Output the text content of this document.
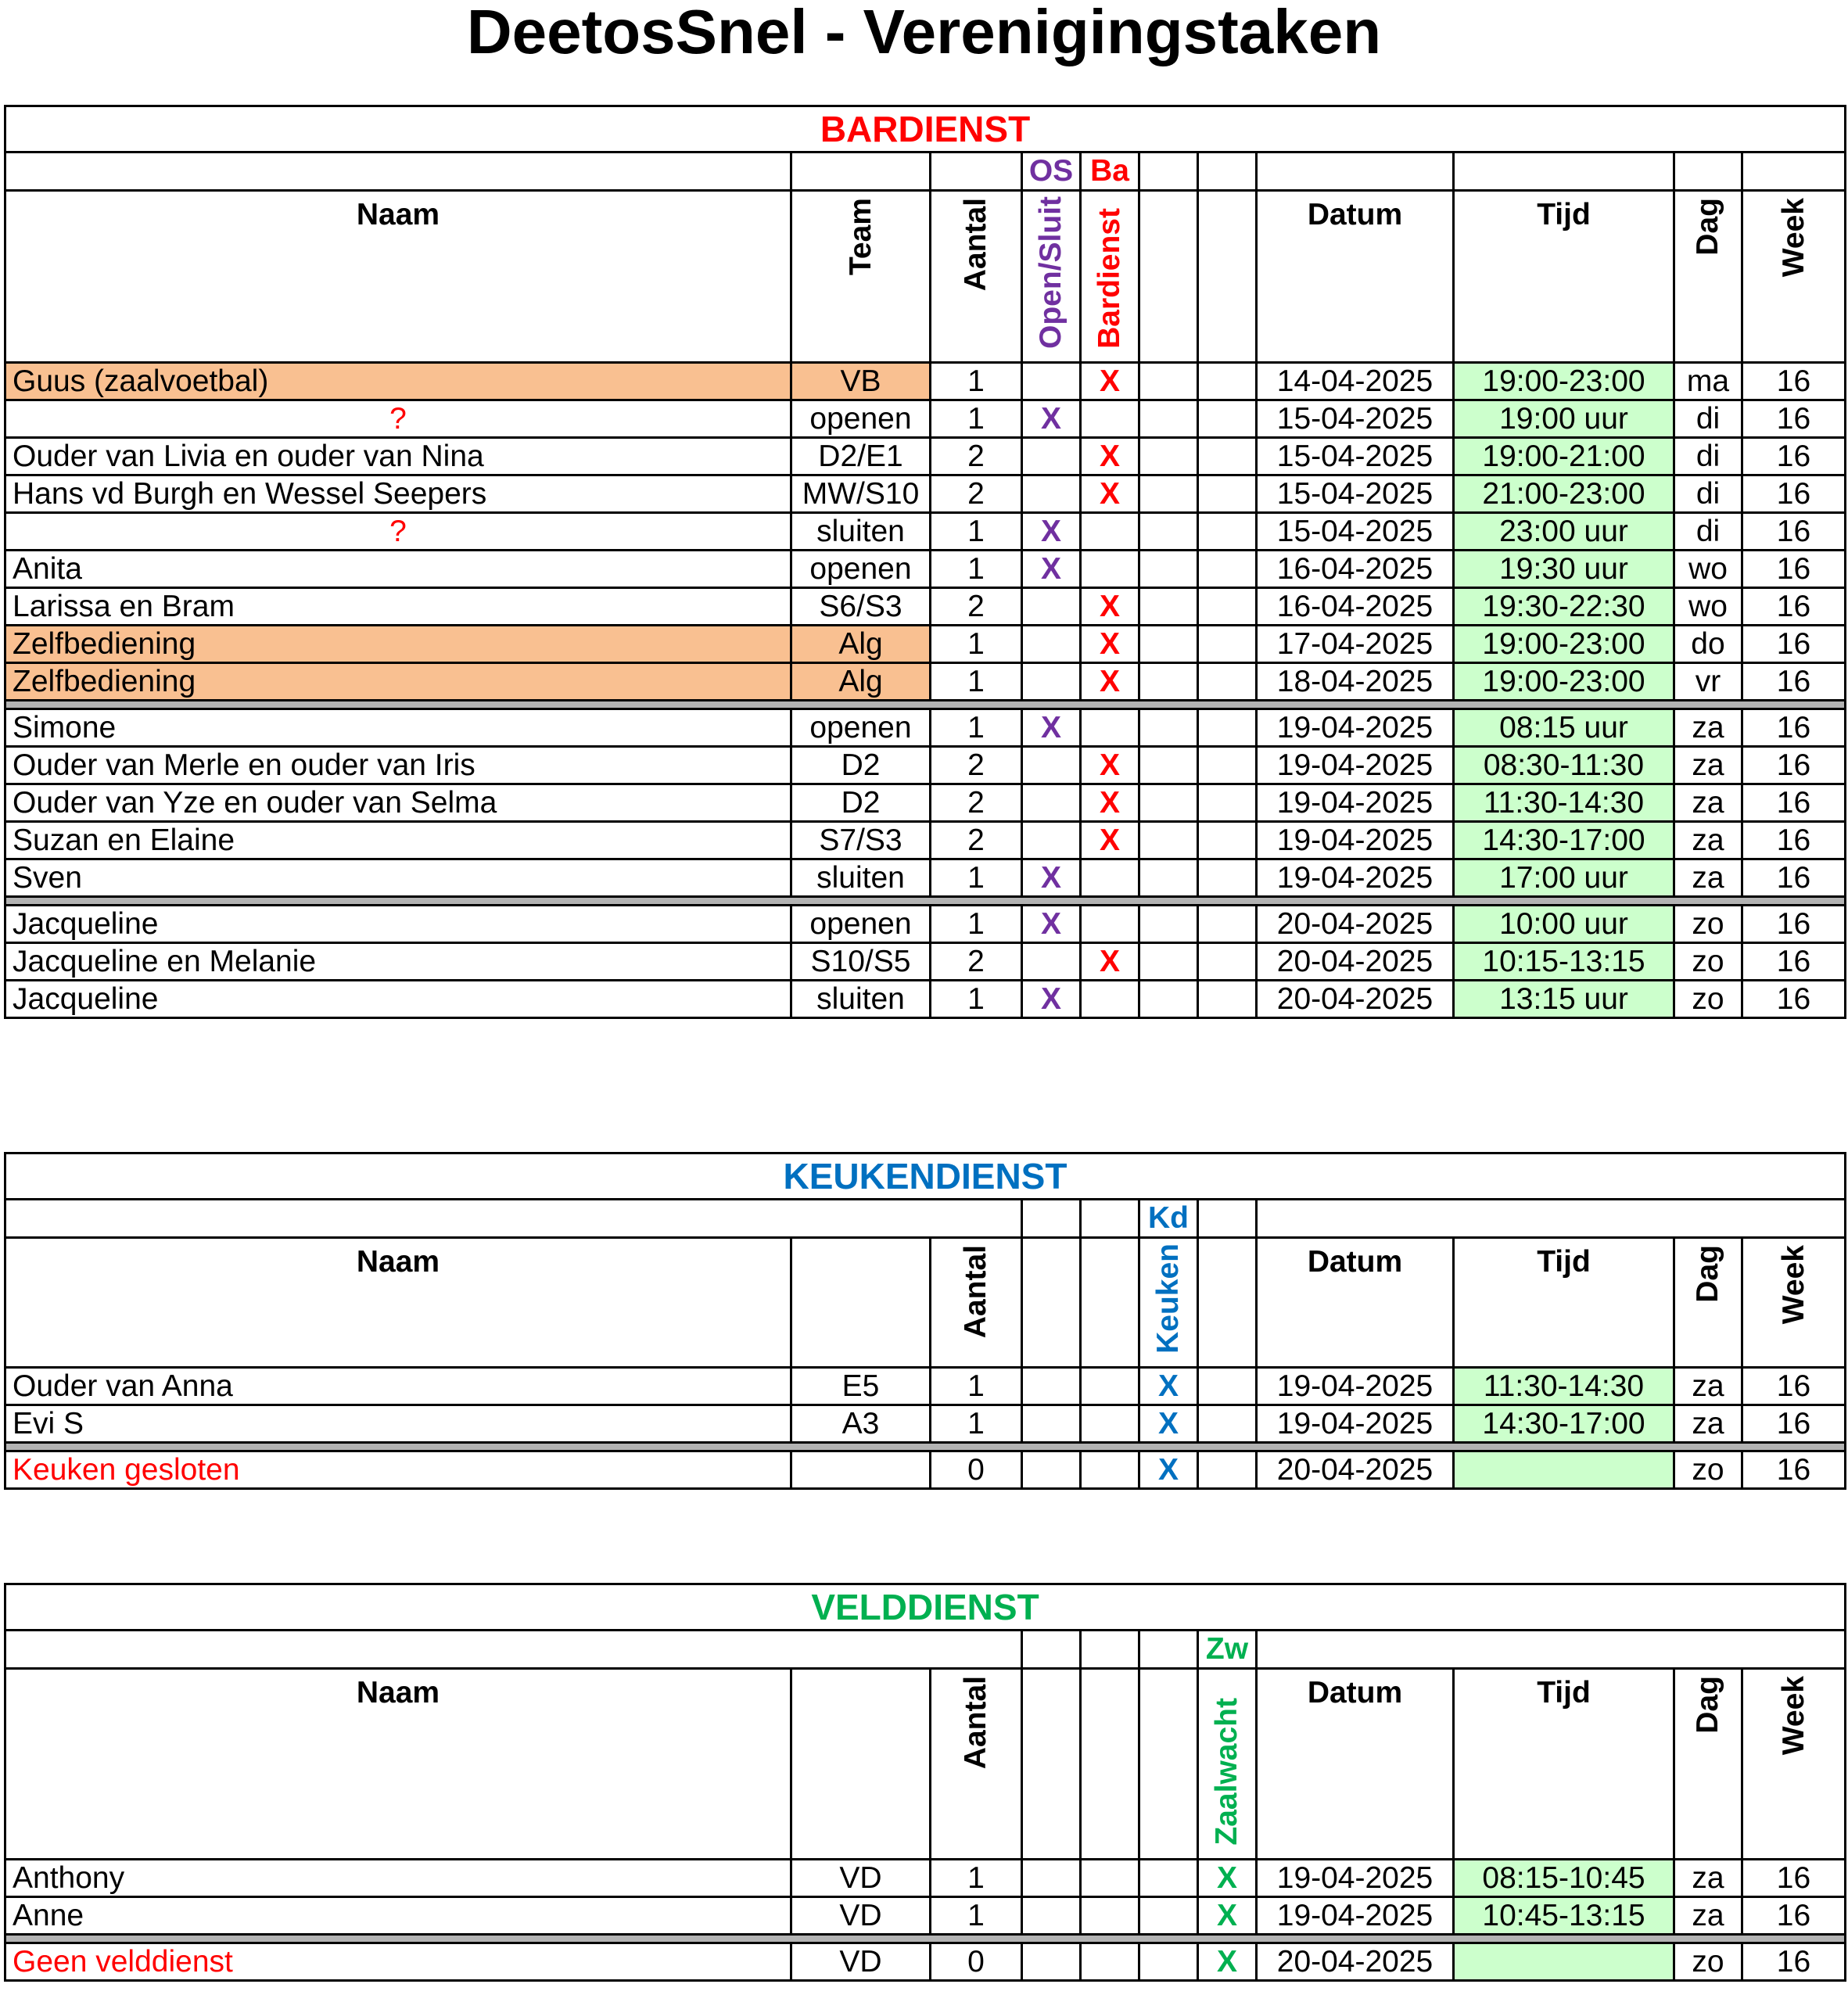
DeetosSnel - Verenigingstaken
BARDIENST										
			OS	Ba						
Naam	Team	Aantal	Open/Sluit	Bardienst			Datum	Tijd	Dag	Week
Guus (zaalvoetbal)	VB	1		X			14-04-2025	19:00-23:00	ma	16
?	openen	1	X				15-04-2025	19:00 uur	di	16
Ouder van Livia en ouder van Nina	D2/E1	2		X			15-04-2025	19:00-21:00	di	16
Hans vd Burgh en Wessel Seepers	MW/S10	2		X			15-04-2025	21:00-23:00	di	16
?	sluiten	1	X				15-04-2025	23:00 uur	di	16
Anita	openen	1	X				16-04-2025	19:30 uur	wo	16
Larissa en Bram	S6/S3	2		X			16-04-2025	19:30-22:30	wo	16
Zelfbediening	Alg	1		X			17-04-2025	19:00-23:00	do	16
Zelfbediening	Alg	1		X			18-04-2025	19:00-23:00	vr	16

Simone	openen	1	X				19-04-2025	08:15 uur	za	16
Ouder van Merle en ouder van Iris	D2	2		X			19-04-2025	08:30-11:30	za	16
Ouder van Yze en ouder van Selma	D2	2		X			19-04-2025	11:30-14:30	za	16
Suzan en Elaine	S7/S3	2		X			19-04-2025	14:30-17:00	za	16
Sven	sluiten	1	X				19-04-2025	17:00 uur	za	16

Jacqueline	openen	1	X				20-04-2025	10:00 uur	zo	16
Jacqueline en Melanie	S10/S5	2		X			20-04-2025	10:15-13:15	zo	16
Jacqueline	sluiten	1	X				20-04-2025	13:15 uur	zo	16
KEUKENDIENST										
					Kd					
Naam		Aantal			Keuken		Datum	Tijd	Dag	Week
Ouder van Anna	E5	1			X		19-04-2025	11:30-14:30	za	16
Evi S	A3	1			X		19-04-2025	14:30-17:00	za	16

Keuken gesloten		0			X		20-04-2025		zo	16
VELDDIENST										
						Zw				
Naam		Aantal				Zaalwacht	Datum	Tijd	Dag	Week
Anthony	VD	1				X	19-04-2025	08:15-10:45	za	16
Anne	VD	1				X	19-04-2025	10:45-13:15	za	16

Geen velddienst	VD	0				X	20-04-2025		zo	16
